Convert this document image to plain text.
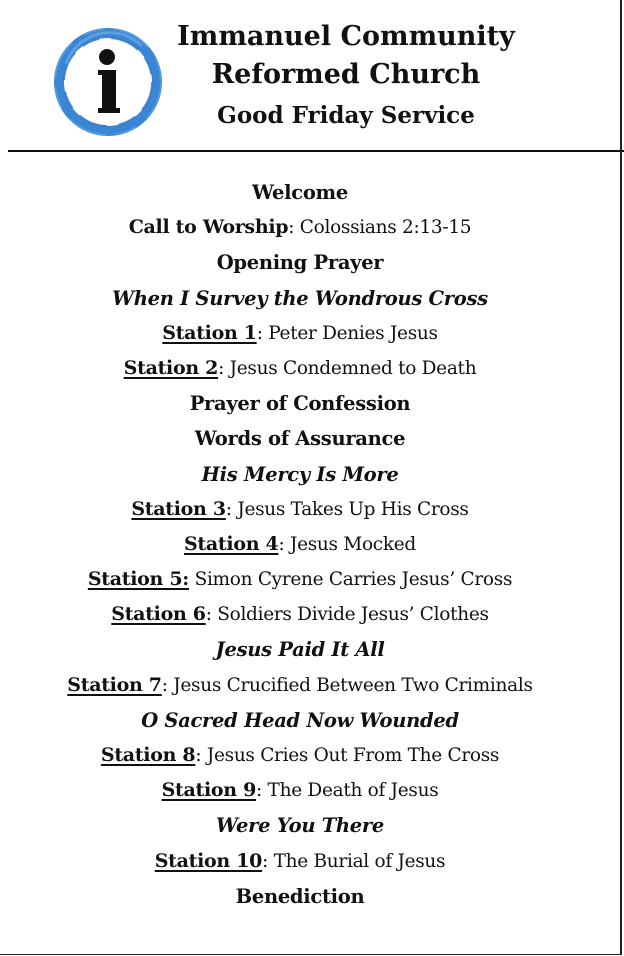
Immanuel Community
Reformed Church
Good Friday Service
Welcome
Call to Worship: Colossians 2:13-15
Opening Prayer
When I Survey the Wondrous Cross
Station 1: Peter Denies Jesus
Station 2: Jesus Condemned to Death
Prayer of Confession
Words of Assurance
His Mercy Is More
Station 3: Jesus Takes Up His Cross
Station 4: Jesus Mocked
Station 5: Simon Cyrene Carries Jesus’ Cross
Station 6: Soldiers Divide Jesus’ Clothes
Jesus Paid It All
Station 7: Jesus Crucified Between Two Criminals
O Sacred Head Now Wounded
Station 8: Jesus Cries Out From The Cross
Station 9: The Death of Jesus
Were You There
Station 10: The Burial of Jesus
Benediction
